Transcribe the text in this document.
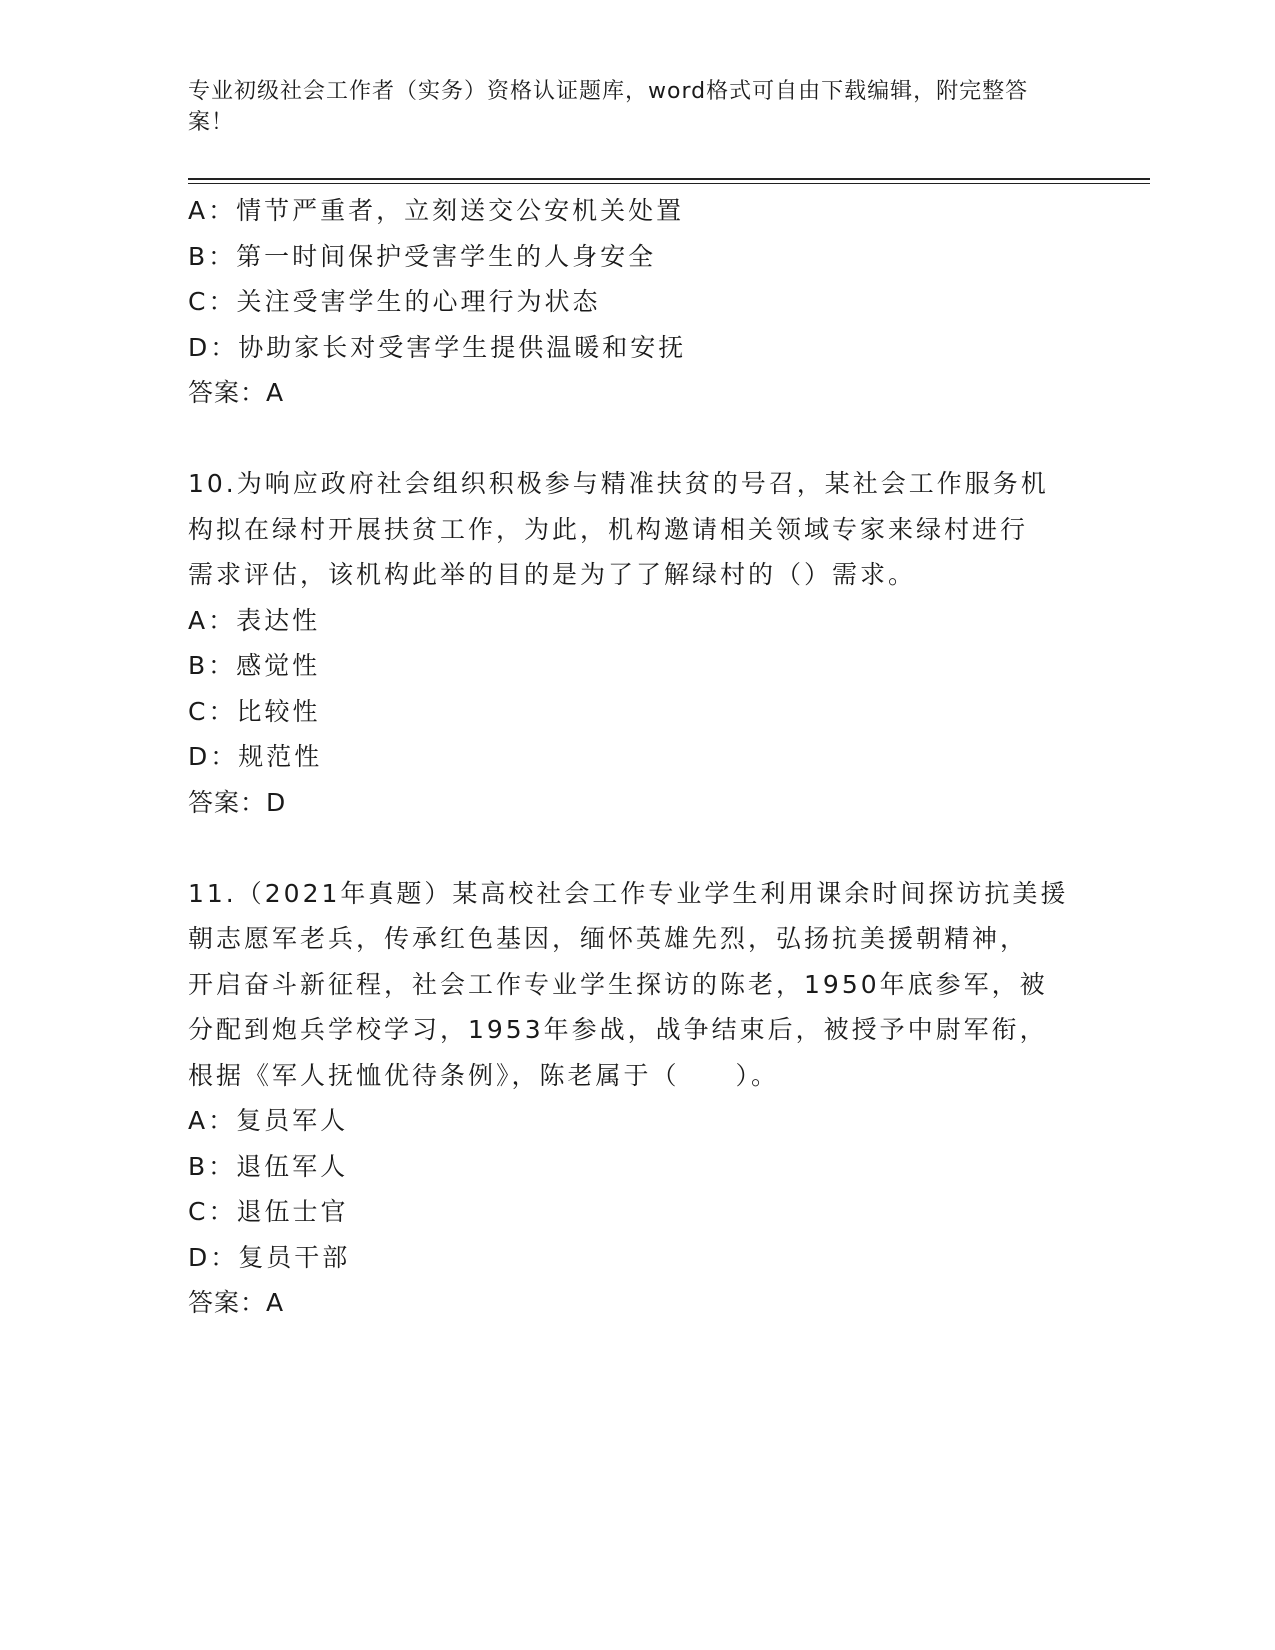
专业初级社会工作者（实务）资格认证题库，word格式可自由下载编辑，附完整答案！
A：情节严重者，立刻送交公安机关处置
B：第一时间保护受害学生的人身安全
C：关注受害学生的心理行为状态
D：协助家长对受害学生提供温暖和安抚
答案：A
10.为响应政府社会组织积极参与精准扶贫的号召，某社会工作服务机
构拟在绿村开展扶贫工作，为此，机构邀请相关领域专家来绿村进行
需求评估，该机构此举的目的是为了了解绿村的（）需求。
A：表达性
B：感觉性
C：比较性
D：规范性
答案：D
11.（2021年真题）某高校社会工作专业学生利用课余时间探访抗美援
朝志愿军老兵，传承红色基因，缅怀英雄先烈，弘扬抗美援朝精神，
开启奋斗新征程，社会工作专业学生探访的陈老，1950年底参军，被
分配到炮兵学校学习，1953年参战，战争结束后，被授予中尉军衔，
根据《军人抚恤优待条例》，陈老属于（　　）。
A：复员军人
B：退伍军人
C：退伍士官
D：复员干部
答案：A
